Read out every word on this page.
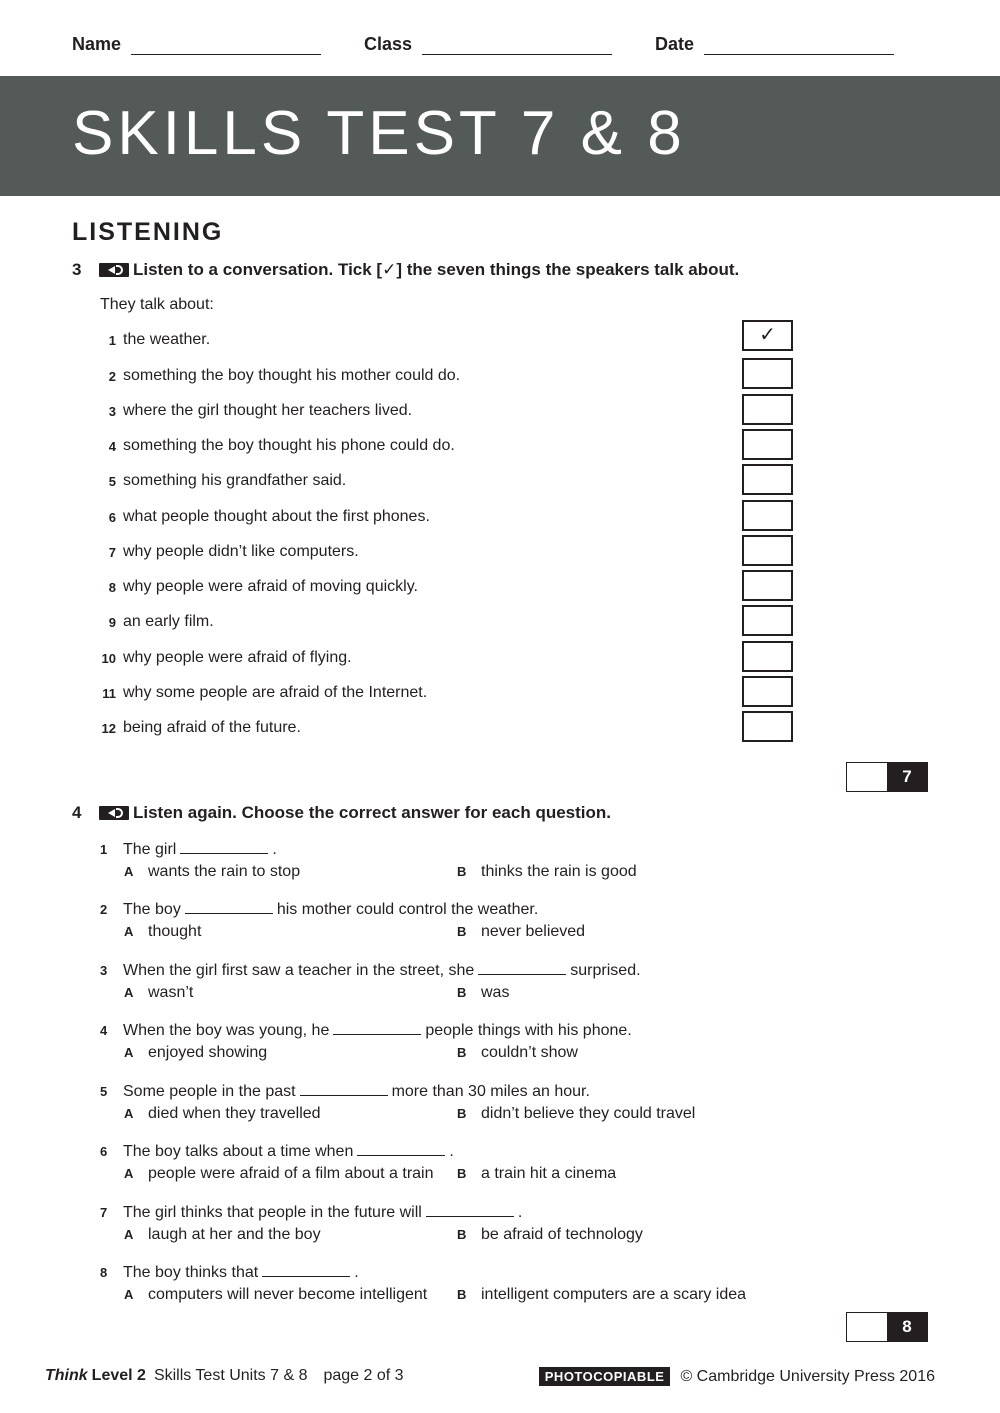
Name	Class	Date
SKILLS TEST 7 & 8
LISTENING
3	Listen to a conversation. Tick [✓] the seven things the speakers talk about.
They talk about:
1 the weather.	✓
2 something the boy thought his mother could do.
3 where the girl thought her teachers lived.
4 something the boy thought his phone could do.
5 something his grandfather said.
6 what people thought about the first phones.
7 why people didn’t like computers.
8 why people were afraid of moving quickly.
9 an early film.
10 why people were afraid of flying.
11 why some people are afraid of the Internet.
12 being afraid of the future.
7
4	Listen again. Choose the correct answer for each question.
1 The girl	.
A wants the rain to stop	B thinks the rain is good
2 The boy	his mother could control the weather.
A thought	B never believed
3 When the girl first saw a teacher in the street, she	surprised.
A wasn’t	B was
4 When the boy was young, he	people things with his phone.
A enjoyed showing	B couldn’t show
5 Some people in the past	more than 30 miles an hour.
A died when they travelled	B didn’t believe they could travel
6 The boy talks about a time when	.
A people were afraid of a film about a train B a train hit a cinema
7 The girl thinks that people in the future will	.
A laugh at her and the boy	B be afraid of technology
8 The boy thinks that	.
A computers will never become intelligent B intelligent computers are a scary idea
8
Think Level 2 Skills Test Units 7 & 8 page 2 of 3	PHOTOCOPIABLE	© Cambridge University Press 2016
